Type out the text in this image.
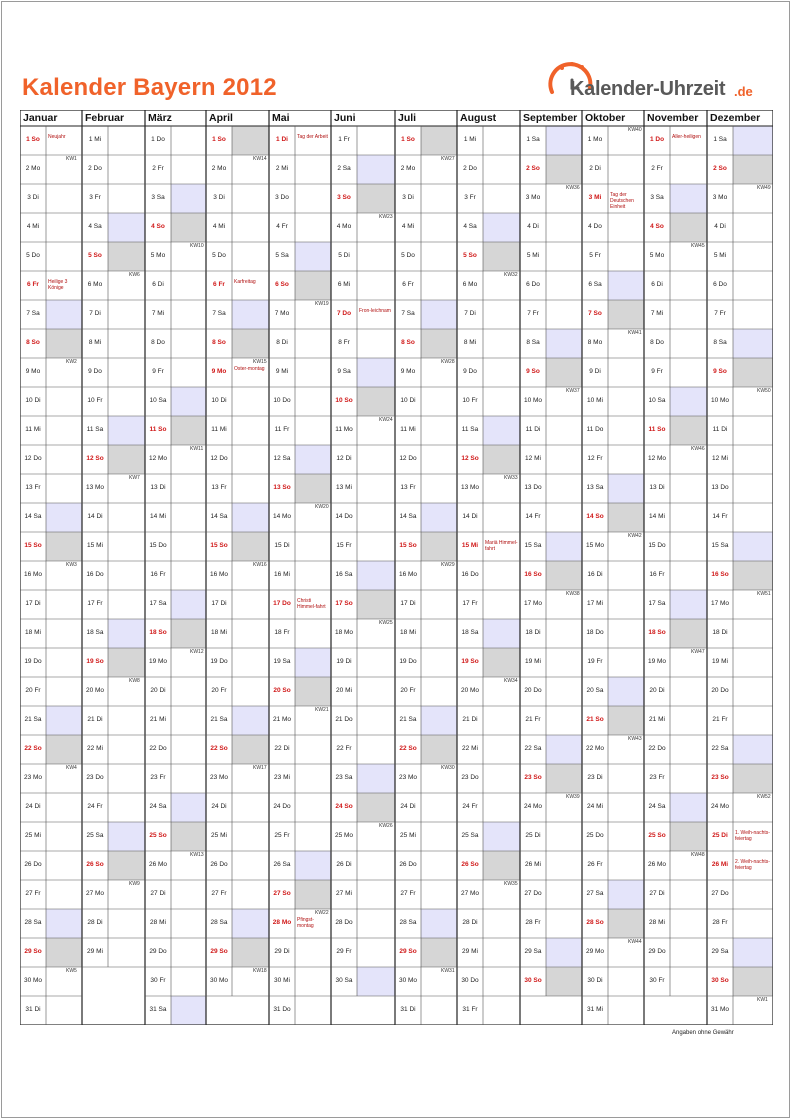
Kalender Bayern 2012	Kalender-Uhrzeit .de
Januar
1 So	Neujahr
2 Mo
KW1
3 Di
4 Mi
5 Do
6 Fr	Heilige 3 Könige
7 Sa
8 So
9 Mo
KW2
10 Di
11 Mi
12 Do
13 Fr
14 Sa
15 So
16 Mo
KW3
17 Di
18 Mi
19 Do
20 Fr
21 Sa
22 So
23 Mo
KW4
24 Di
25 Mi
26 Do
27 Fr
28 Sa
29 So
30 Mo
KW5
31 Di
Februar
1 Mi
2 Do
3 Fr
4 Sa
5 So
6 Mo
KW6
7 Di
8 Mi
9 Do
10 Fr
11 Sa
12 So
13 Mo
KW7
14 Di
15 Mi
16 Do
17 Fr
18 Sa
19 So
20 Mo
KW8
21 Di
22 Mi
23 Do
24 Fr
25 Sa
26 So
27 Mo
KW9
28 Di
29 Mi
März
1 Do
2 Fr
3 Sa
4 So
5 Mo
KW10
6 Di
7 Mi
8 Do
9 Fr
10 Sa
11 So
12 Mo
KW11
13 Di
14 Mi
15 Do
16 Fr
17 Sa
18 So
19 Mo
KW12
20 Di
21 Mi
22 Do
23 Fr
24 Sa
25 So
26 Mo
KW13
27 Di
28 Mi
29 Do
30 Fr
31 Sa
April
1 So
2 Mo
KW14
3 Di
4 Mi
5 Do
6 Fr	Karfreitag
7 Sa
8 So
9 Mo	Oster-montag
KW15
10 Di
11 Mi
12 Do
13 Fr
14 Sa
15 So
16 Mo
KW16
17 Di
18 Mi
19 Do
20 Fr
21 Sa
22 So
23 Mo
KW17
24 Di
25 Mi
26 Do
27 Fr
28 Sa
29 So
30 Mo
KW18
Mai
1 Di	Tag der Arbeit
2 Mi
3 Do
4 Fr
5 Sa
6 So
7 Mo
KW19
8 Di
9 Mi
10 Do
11 Fr
12 Sa
13 So
14 Mo
KW20
15 Di
16 Mi
17 Do	Christi Himmel-fahrt
18 Fr
19 Sa
20 So
21 Mo
KW21
22 Di
23 Mi
24 Do
25 Fr
26 Sa
27 So
28 Mo	Pfingst-montag
KW22
29 Di
30 Mi
31 Do
Juni
1 Fr
2 Sa
3 So
4 Mo
KW23
5 Di
6 Mi
7 Do	Fron-leichnam
8 Fr
9 Sa
10 So
11 Mo
KW24
12 Di
13 Mi
14 Do
15 Fr
16 Sa
17 So
18 Mo
KW25
19 Di
20 Mi
21 Do
22 Fr
23 Sa
24 So
25 Mo
KW26
26 Di
27 Mi
28 Do
29 Fr
30 Sa
Juli
1 So
2 Mo
KW27
3 Di
4 Mi
5 Do
6 Fr
7 Sa
8 So
9 Mo
KW28
10 Di
11 Mi
12 Do
13 Fr
14 Sa
15 So
16 Mo
KW29
17 Di
18 Mi
19 Do
20 Fr
21 Sa
22 So
23 Mo
KW30
24 Di
25 Mi
26 Do
27 Fr
28 Sa
29 So
30 Mo
KW31
31 Di
August
1 Mi
2 Do
3 Fr
4 Sa
5 So
6 Mo
KW32
7 Di
8 Mi
9 Do
10 Fr
11 Sa
12 So
13 Mo
KW33
14 Di
15 Mi	Mariä Himmel-fahrt
16 Do
17 Fr
18 Sa
19 So
20 Mo
KW34
21 Di
22 Mi
23 Do
24 Fr
25 Sa
26 So
27 Mo
KW35
28 Di
29 Mi
30 Do
31 Fr
September
1 Sa
2 So
3 Mo
KW36
4 Di
5 Mi
6 Do
7 Fr
8 Sa
9 So
10 Mo
KW37
11 Di
12 Mi
13 Do
14 Fr
15 Sa
16 So
17 Mo
KW38
18 Di
19 Mi
20 Do
21 Fr
22 Sa
23 So
24 Mo
KW39
25 Di
26 Mi
27 Do
28 Fr
29 Sa
30 So
Oktober
1 Mo
KW40
2 Di
3 Mi	Tag der Deutschen Einheit
4 Do
5 Fr
6 Sa
7 So
8 Mo
KW41
9 Di
10 Mi
11 Do
12 Fr
13 Sa
14 So
15 Mo
KW42
16 Di
17 Mi
18 Do
19 Fr
20 Sa
21 So
22 Mo
KW43
23 Di
24 Mi
25 Do
26 Fr
27 Sa
28 So
29 Mo
KW44
30 Di
31 Mi
November
1 Do	Aller-heiligen
2 Fr
3 Sa
4 So
5 Mo
KW45
6 Di
7 Mi
8 Do
9 Fr
10 Sa
11 So
12 Mo
KW46
13 Di
14 Mi
15 Do
16 Fr
17 Sa
18 So
19 Mo
KW47
20 Di
21 Mi
22 Do
23 Fr
24 Sa
25 So
26 Mo
KW48
27 Di
28 Mi
29 Do
30 Fr
Dezember
1 Sa
2 So
3 Mo
KW49
4 Di
5 Mi
6 Do
7 Fr
8 Sa
9 So
10 Mo
KW50
11 Di
12 Mi
13 Do
14 Fr
15 Sa
16 So
17 Mo
KW51
18 Di
19 Mi
20 Do
21 Fr
22 Sa
23 So
24 Mo
KW52
25 Di	1. Weih-nachts-feiertag
26 Mi	2. Weih-nachts-feiertag
27 Do
28 Fr
29 Sa
30 So
31 Mo
KW1
Angaben ohne Gewähr
